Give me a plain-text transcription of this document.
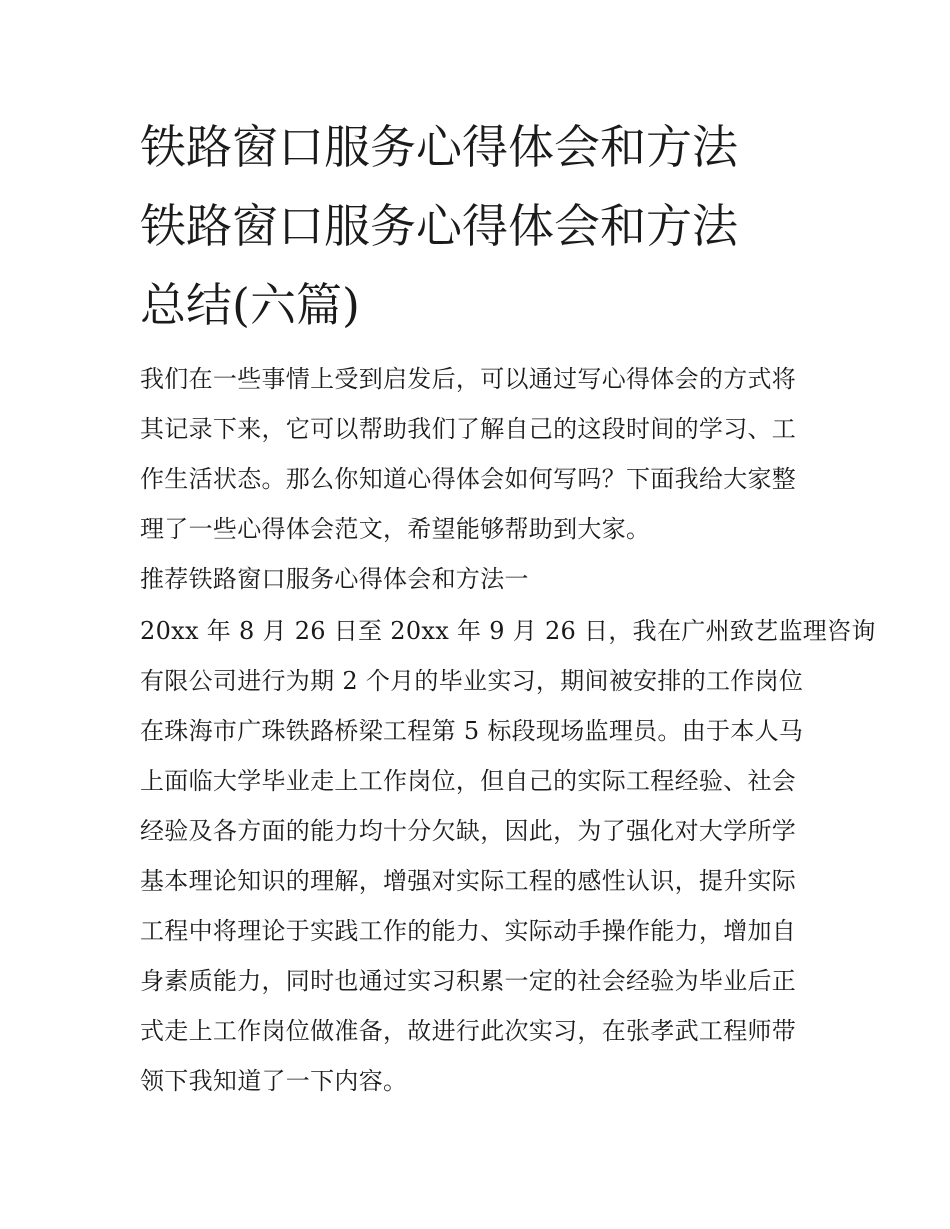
铁路窗口服务心得体会和方法
铁路窗口服务心得体会和方法
总结(六篇)
我们在一些事情上受到启发后，可以通过写心得体会的方式将
其记录下来，它可以帮助我们了解自己的这段时间的学习、工
作生活状态。那么你知道心得体会如何写吗？下面我给大家整
理了一些心得体会范文，希望能够帮助到大家。
推荐铁路窗口服务心得体会和方法一
20xx 年 8 月 26 日至 20xx 年 9 月 26 日，我在广州致艺监理咨询
有限公司进行为期 2 个月的毕业实习，期间被安排的工作岗位
在珠海市广珠铁路桥梁工程第 5 标段现场监理员。由于本人马
上面临大学毕业走上工作岗位，但自己的实际工程经验、社会
经验及各方面的能力均十分欠缺，因此，为了强化对大学所学
基本理论知识的理解，增强对实际工程的感性认识，提升实际
工程中将理论于实践工作的能力、实际动手操作能力，增加自
身素质能力，同时也通过实习积累一定的社会经验为毕业后正
式走上工作岗位做准备，故进行此次实习，在张孝武工程师带
领下我知道了一下内容。
